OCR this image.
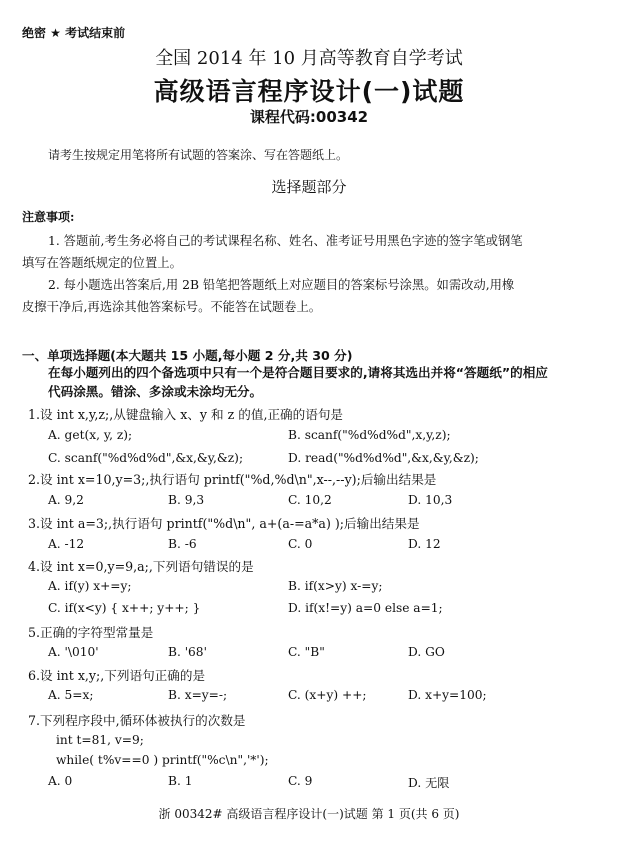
绝密 ★ 考试结束前
全国 2014 年 10 月高等教育自学考试
高级语言程序设计(一)试题
课程代码:00342
请考生按规定用笔将所有试题的答案涂、写在答题纸上。
选择题部分
注意事项:
1. 答题前,考生务必将自己的考试课程名称、姓名、准考证号用黑色字迹的签字笔或钢笔
填写在答题纸规定的位置上。
2. 每小题选出答案后,用 2B 铅笔把答题纸上对应题目的答案标号涂黑。如需改动,用橡
皮擦干净后,再选涂其他答案标号。不能答在试题卷上。
一、单项选择题(本大题共 15 小题,每小题 2 分,共 30 分)
在每小题列出的四个备选项中只有一个是符合题目要求的,请将其选出并将“答题纸”的相应代码涂黑。错涂、多涂或未涂均无分。
1.设 int x,y,z;,从键盘输入 x、y 和 z 的值,正确的语句是
A. get(x, y, z);	B. scanf("%d%d%d",x,y,z);
C. scanf("%d%d%d",&x,&y,&z);	D. read("%d%d%d",&x,&y,&z);
2.设 int x=10,y=3;,执行语句 printf("%d,%d\n",x--,--y);后输出结果是
A. 9,2	B. 9,3	C. 10,2	D. 10,3
3.设 int a=3;,执行语句 printf("%d\n", a+(a-=a*a) );后输出结果是
A. -12	B. -6	C. 0	D. 12
4.设 int x=0,y=9,a;,下列语句错误的是
A. if(y) x+=y;	B. if(x>y) x-=y;
C. if(x<y) { x++; y++; }	D. if(x!=y) a=0 else a=1;
5.正确的字符型常量是
A. '\010'	B. '68'	C. "B"	D. GO
6.设 int x,y;,下列语句正确的是
A. 5=x;	B. x=y=-;	C. (x+y) ++;	D. x+y=100;
7.下列程序段中,循环体被执行的次数是
int t=81, v=9;
while( t%v==0 ) printf("%c\n",'*');
A. 0	B. 1	C. 9	D. 无限
浙 00342# 高级语言程序设计(一)试题 第 1 页(共 6 页)
